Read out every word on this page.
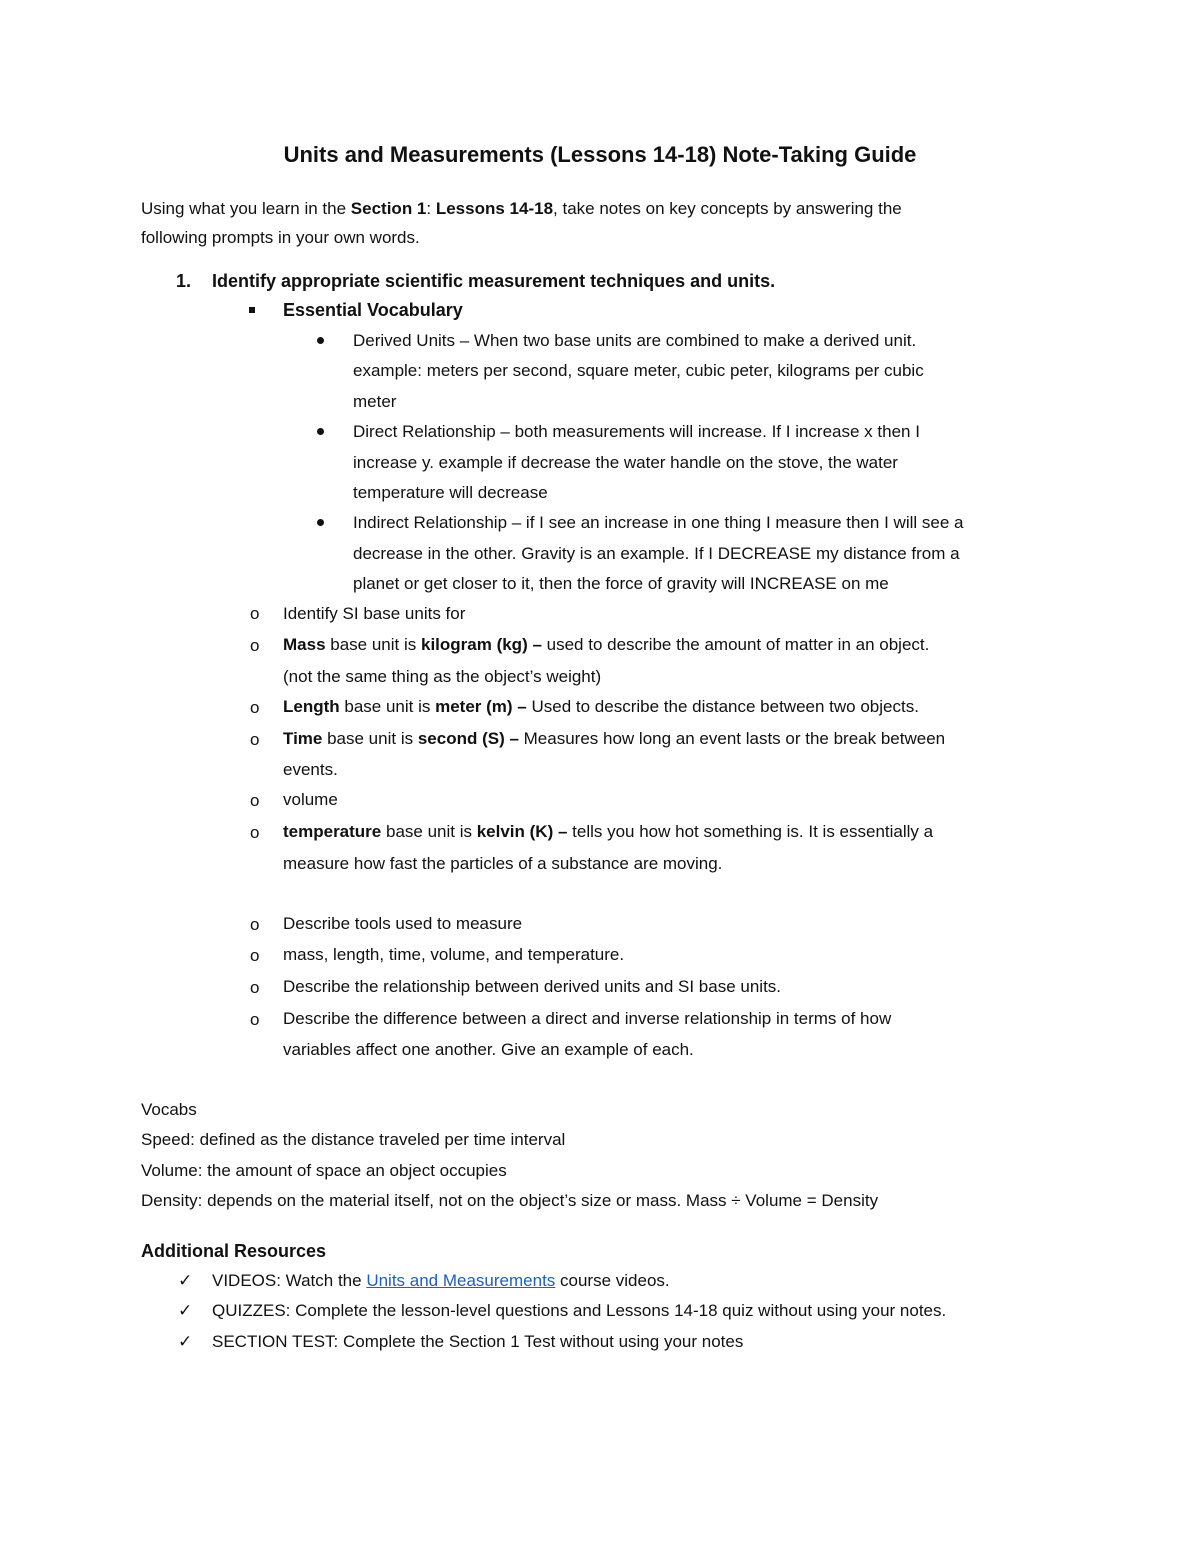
Units and Measurements (Lessons 14-18) Note-Taking Guide
Using what you learn in the Section 1: Lessons 14-18, take notes on key concepts by answering the
following prompts in your own words.
1. Identify appropriate scientific measurement techniques and units.
Essential Vocabulary
Derived Units – When two base units are combined to make a derived unit.
example: meters per second, square meter, cubic peter, kilograms per cubic
meter
Direct Relationship – both measurements will increase. If I increase x then I
increase y. example if decrease the water handle on the stove, the water
temperature will decrease
Indirect Relationship – if I see an increase in one thing I measure then I will see a
decrease in the other. Gravity is an example. If I DECREASE my distance from a
planet or get closer to it, then the force of gravity will INCREASE on me
o Identify SI base units for
o Mass base unit is kilogram (kg) – used to describe the amount of matter in an object.
(not the same thing as the object’s weight)
o Length base unit is meter (m) – Used to describe the distance between two objects.
o Time base unit is second (S) – Measures how long an event lasts or the break between
events.
o volume
o temperature base unit is kelvin (K) – tells you how hot something is. It is essentially a
measure how fast the particles of a substance are moving.
o Describe tools used to measure
o mass, length, time, volume, and temperature.
o Describe the relationship between derived units and SI base units.
o Describe the difference between a direct and inverse relationship in terms of how
variables affect one another. Give an example of each.
Vocabs
Speed: defined as the distance traveled per time interval
Volume: the amount of space an object occupies
Density: depends on the material itself, not on the object’s size or mass. Mass ÷ Volume = Density
Additional Resources
✓ VIDEOS: Watch the Units and Measurements course videos.
✓ QUIZZES: Complete the lesson-level questions and Lessons 14-18 quiz without using your notes.
✓ SECTION TEST: Complete the Section 1 Test without using your notes
